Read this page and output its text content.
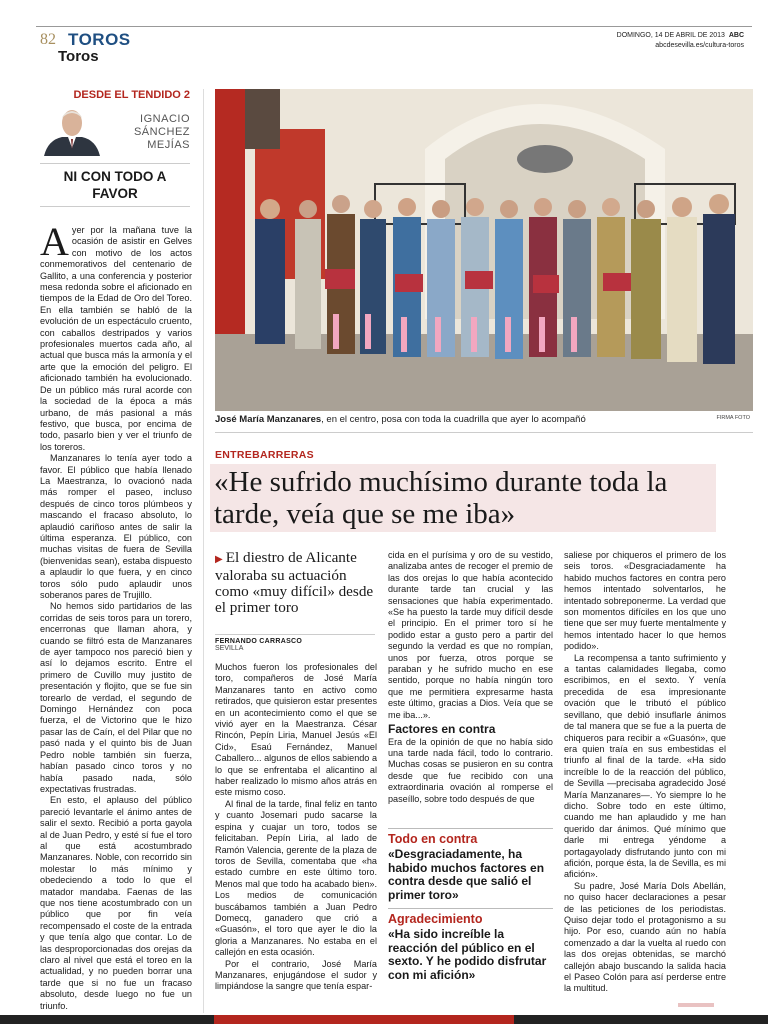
82 TOROS
Toros
DOMINGO, 14 DE ABRIL DE 2013 ABC
abcdesevilla.es/cultura-toros
DESDE EL TENDIDO 2
IGNACIO
SÁNCHEZ
MEJÍAS
NI CON TODO A FAVOR
A yer por la mañana tuve la ocasión de asistir en Gelves con motivo de los actos conmemorativos del centenario de Gallito, a una conferencia y posterior mesa redonda sobre el aficionado en tiempos de la Edad de Oro del Toreo. En ella también se habló de la evolución de un espectáculo cruento, con caballos destripados y varios profesionales muertos cada año, al actual que busca más la armonía y el arte que la emoción del peligro. El aficionado también ha evolucionado. De un público más rural acorde con la sociedad de la época a más urbano, de más pasional a más festivo, que busca, por encima de todo, pasarlo bien y ver el triunfo de los toreros.

Manzanares lo tenía ayer todo a favor. El público que había llenado La Maestranza, lo ovacionó nada más romper el paseo, incluso después de cinco toros plúmbeos y mascando el fracaso absoluto, lo aplaudió cariñoso antes de salir la última esperanza. El público, con muchas visitas de fuera de Sevilla (bienvenidas sean), estaba dispuesto a aplaudir lo que fuera, y en cinco toros sólo pudo aplaudir unos soberanos pares de Trujillo.

No hemos sido partidarios de las corridas de seis toros para un torero, encerronas que llaman ahora, y cuando se filtró esta de Manzanares de ayer tampoco nos pareció bien y así lo dejamos escrito. Entre el primero de Cuvillo muy justito de presentación y flojito, que se fue sin torearlo de verdad, el segundo de Domingo Hernández con poca fuerza, el de Victorino que le hizo pasar las de Caín, el del Pilar que no pasó nada y el quinto bis de Juan Pedro noble también sin fuerza, habían pasado cinco toros y no había pasado nada, sólo expectativas frustradas.

En esto, el aplauso del público pareció levantarle el ánimo antes de salir el sexto. Recibió a porta gayola al de Juan Pedro, y esté sí fue el toro al que está acostumbrado Manzanares. Noble, con recorrido sin molestar lo más mínimo y obedeciendo a todo lo que el matador mandaba. Faenas de las que nos tiene acostumbrado con un público que por fin veía recompensado el coste de la entrada y que tenía algo que contar. Lo de las desproporcionadas dos orejas da claro al nivel que está el toreo en la actualidad, y no pueden borrar una tarde que si no fue un fracaso absoluto, desde luego no fue un triunfo.

José María Manzanares, en el centro, posa con toda la cuadrilla que ayer lo acompañó	FIRMA FOTO
ENTREBARRERAS
«He sufrido muchísimo durante toda la tarde, veía que se me iba»
▶ El diestro de Alicante valoraba su actuación como «muy difícil» desde el primer toro
FERNANDO CARRASCO
SEVILLA

Muchos fueron los profesionales del toro, compañeros de José María Manzanares tanto en activo como retirados, que quisieron estar presentes en un acontecimiento como el que se vivió ayer en la Maestranza. César Rincón, Pepín Liria, Manuel Jesús «El Cid», Esaú Fernández, Manuel Caballero... algunos de ellos sabiendo a lo que se enfrentaba el alicantino al haber realizado lo mismo años atrás en este mismo coso.

Al final de la tarde, final feliz en tanto y cuanto Josemari pudo sacarse la espina y cuajar un toro, todos se felicitaban. Pepín Liria, al lado de Ramón Valencia, gerente de la plaza de toros de Sevilla, comentaba que «ha estado cumbre en este último toro. Menos mal que todo ha acabado bien». Los medios de comunicación buscábamos también a Juan Pedro Domecq, ganadero que crió a «Guasón», el toro que ayer le dio la gloria a Manzanares. No estaba en el callejón en esta ocasión.

Por el contrario, José María Manzanares, enjugándose el sudor y limpiándose la sangre que tenía espar-

cida en el purísima y oro de su vestido, analizaba antes de recoger el premio de las dos orejas lo que había acontecido durante tarde tan crucial y las sensaciones que había experimentado. «Se ha puesto la tarde muy difícil desde el principio. En el primer toro sí he podido estar a gusto pero a partir del segundo la verdad es que no rompían, unos por fuerza, otros porque se paraban y he sufrido mucho en ese sentido, porque no había ningún toro que me permitiera expresarme hasta este último, gracias a Dios. Veía que se me iba...».

Factores en contra

Era de la opinión de que no había sido una tarde nada fácil, todo lo contrario. Muchas cosas se pusieron en su contra desde que fue recibido con una extraordinaria ovación al romperse el paseíllo, sobre todo después de que

Todo en contra
«Desgraciadamente, ha habido muchos factores en contra desde que salió el primer toro»
Agradecimiento
«Ha sido increíble la reacción del público en el sexto. Y he podido disfrutar con mi afición»

saliese por chiqueros el primero de los seis toros. «Desgraciadamente ha habido muchos factores en contra pero hemos intentado solventarlos, he intentado sobreponerme. La verdad que son momentos difíciles en los que uno tiene que ser muy fuerte mentalmente y hemos intentado hacer lo que hemos podido».

La recompensa a tanto sufrimiento y a tantas calamidades llegaba, como escribimos, en el sexto. Y venía precedida de esa impresionante ovación que le tributó el público sevillano, que debió insuflarle ánimos de tal manera que se fue a la puerta de chiqueros para recibir a «Guasón», que era quien traía en sus embestidas el triunfo al final de la tarde. «Ha sido increíble lo de la reacción del público, de Sevilla —precisaba agradecido José María Manzanares—. Yo siempre lo he dicho. Sobre todo en este último, cuando me han aplaudido y me han querido dar ánimos. Qué mínimo que darle mi entrega yéndome a portagayolady disfrutando junto con mi afición, porque ésta, la de Sevilla, es mi afición».

Su padre, José María Dols Abellán, no quiso hacer declaraciones a pesar de las peticiones de los periodistas. Quiso dejar todo el protagonismo a su hijo. Por eso, cuando aún no había comenzado a dar la vuelta al ruedo con las dos orejas obtenidas, se marchó callejón abajo buscando la salida hacia el Paseo Colón para así perderse entre la multitud.
